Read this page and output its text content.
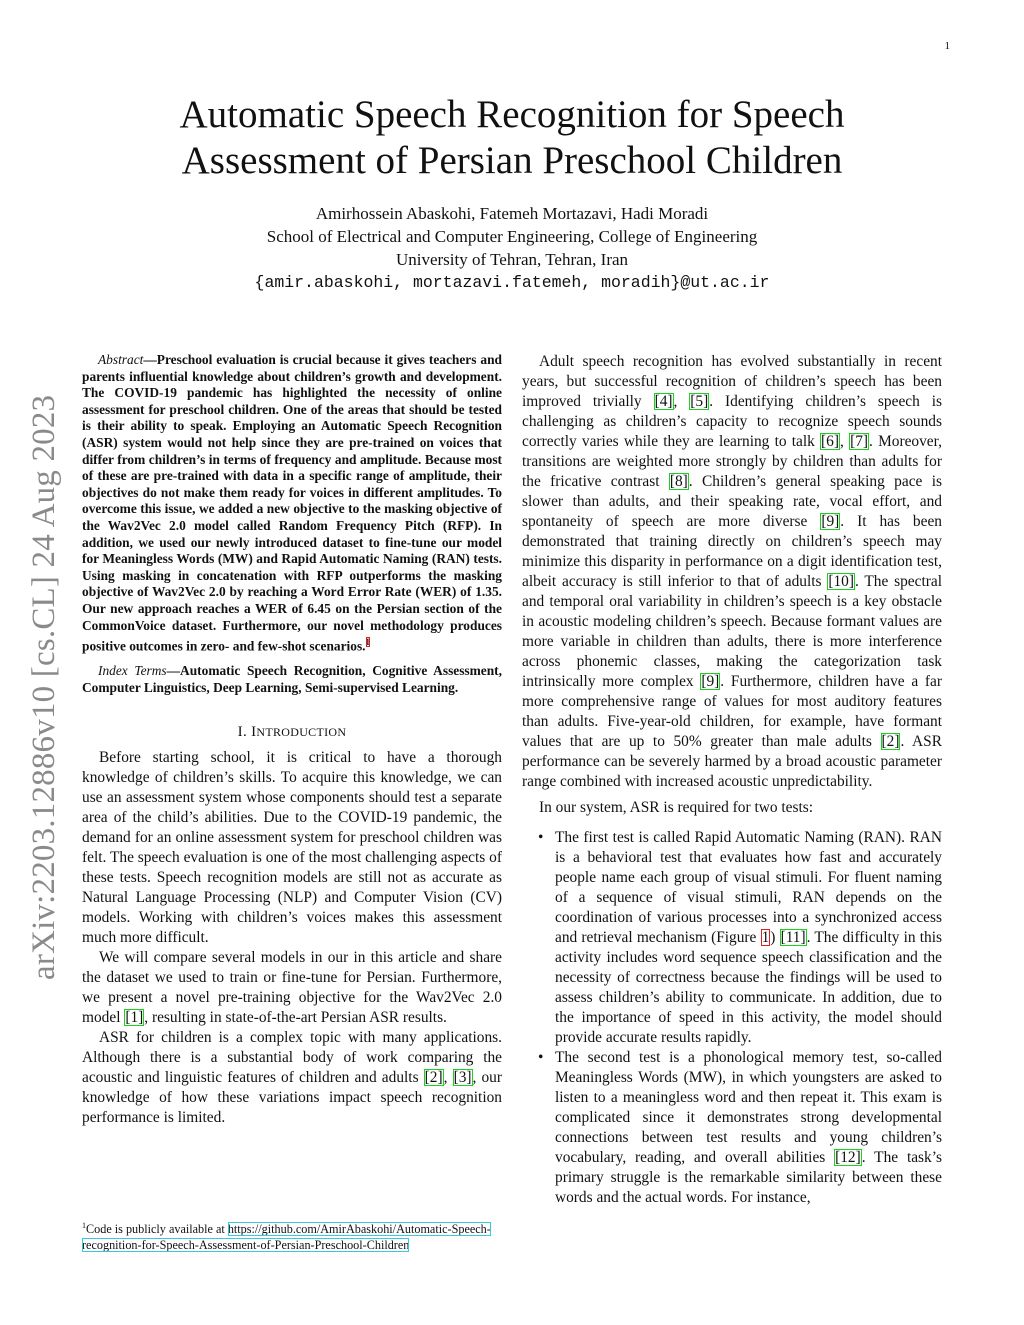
1
arXiv:2203.12886v10 [cs.CL] 24 Aug 2023
Automatic Speech Recognition for Speech
Assessment of Persian Preschool Children
Amirhossein Abaskohi, Fatemeh Mortazavi, Hadi Moradi
School of Electrical and Computer Engineering, College of Engineering
University of Tehran, Tehran, Iran
{amir.abaskohi, mortazavi.fatemeh, moradih}@ut.ac.ir

Abstract—Preschool evaluation is crucial because it gives teachers and parents influential knowledge about children’s growth and development. The COVID-19 pandemic has highlighted the necessity of online assessment for preschool children. One of the areas that should be tested is their ability to speak. Employing an Automatic Speech Recognition (ASR) system would not help since they are pre-trained on voices that differ from children’s in terms of frequency and amplitude. Because most of these are pre-trained with data in a specific range of amplitude, their objectives do not make them ready for voices in different amplitudes. To overcome this issue, we added a new objective to the masking objective of the Wav2Vec 2.0 model called Random Frequency Pitch (RFP). In addition, we used our newly introduced dataset to fine-tune our model for Meaningless Words (MW) and Rapid Automatic Naming (RAN) tests. Using masking in concatenation with RFP outperforms the masking objective of Wav2Vec 2.0 by reaching a Word Error Rate (WER) of 1.35. Our new approach reaches a WER of 6.45 on the Persian section of the CommonVoice dataset. Furthermore, our novel methodology produces positive outcomes in zero- and few-shot scenarios.$^1$

Index Terms—Automatic Speech Recognition, Cognitive Assessment, Computer Linguistics, Deep Learning, Semi-supervised Learning.

I. INTRODUCTION

Before starting school, it is critical to have a thorough knowledge of children’s skills. To acquire this knowledge, we can use an assessment system whose components should test a separate area of the child’s abilities. Due to the COVID-19 pandemic, the demand for an online assessment system for preschool children was felt. The speech evaluation is one of the most challenging aspects of these tests. Speech recognition models are still not as accurate as Natural Language Processing (NLP) and Computer Vision (CV) models. Working with children’s voices makes this assessment much more difficult.

We will compare several models in our in this article and share the dataset we used to train or fine-tune for Persian. Furthermore, we present a novel pre-training objective for the Wav2Vec 2.0 model [1], resulting in state-of-the-art Persian ASR results.

ASR for children is a complex topic with many applications. Although there is a substantial body of work comparing the acoustic and linguistic features of children and adults [2], [3], our knowledge of how these variations impact speech recognition performance is limited.

$^1$Code is publicly available at https://github.com/AmirAbaskohi/Automatic-Speech-recognition-for-Speech-Assessment-of-Persian-Preschool-Children

Adult speech recognition has evolved substantially in recent years, but successful recognition of children’s speech has been improved trivially [4], [5]. Identifying children’s speech is challenging as children’s capacity to recognize speech sounds correctly varies while they are learning to talk [6], [7]. Moreover, transitions are weighted more strongly by children than adults for the fricative contrast [8]. Children’s general speaking pace is slower than adults, and their speaking rate, vocal effort, and spontaneity of speech are more diverse [9]. It has been demonstrated that training directly on children’s speech may minimize this disparity in performance on a digit identification test, albeit accuracy is still inferior to that of adults [10]. The spectral and temporal oral variability in children’s speech is a key obstacle in acoustic modeling children’s speech. Because formant values are more variable in children than adults, there is more interference across phonemic classes, making the categorization task intrinsically more complex [9]. Furthermore, children have a far more comprehensive range of values for most auditory features than adults. Five-year-old children, for example, have formant values that are up to 50% greater than male adults [2]. ASR performance can be severely harmed by a broad acoustic parameter range combined with increased acoustic unpredictability.

In our system, ASR is required for two tests:

• The first test is called Rapid Automatic Naming (RAN). RAN is a behavioral test that evaluates how fast and accurately people name each group of visual stimuli. For fluent naming of a sequence of visual stimuli, RAN depends on the coordination of various processes into a synchronized access and retrieval mechanism (Figure 1) [11]. The difficulty in this activity includes word sequence speech classification and the necessity of correctness because the findings will be used to assess children’s ability to communicate. In addition, due to the importance of speed in this activity, the model should provide accurate results rapidly.
• The second test is a phonological memory test, so-called Meaningless Words (MW), in which youngsters are asked to listen to a meaningless word and then repeat it. This exam is complicated since it demonstrates strong developmental connections between test results and young children’s vocabulary, reading, and overall abilities [12]. The task’s primary struggle is the remarkable similarity between these words and the actual words. For instance,
